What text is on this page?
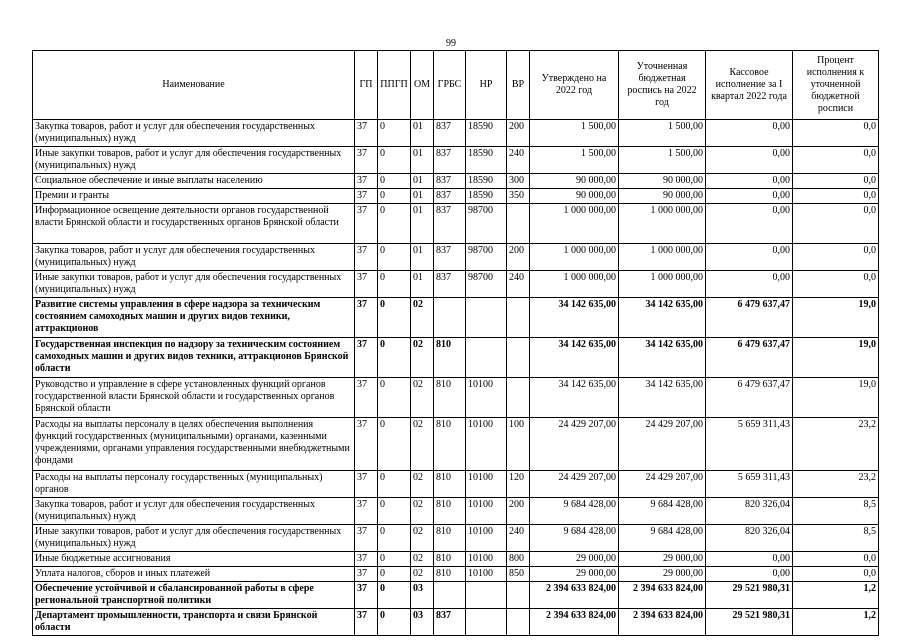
99
Наименование	ГП	ППГП	ОМ	ГРБС	НР	ВР	Утверждено на 2022 год	Уточненная бюджетная роспись на 2022 год	Кассовое исполнение за I квартал 2022 года	Процент исполнения к уточненной бюджетной росписи
Закупка товаров, работ и услуг для обеспечения государственных (муниципальных) нужд	37	0	01	837	18590	200	1 500,00	1 500,00	0,00	0,0
Иные закупки товаров, работ и услуг для обеспечения государственных (муниципальных) нужд	37	0	01	837	18590	240	1 500,00	1 500,00	0,00	0,0
Социальное обеспечение и иные выплаты населению	37	0	01	837	18590	300	90 000,00	90 000,00	0,00	0,0
Премии и гранты	37	0	01	837	18590	350	90 000,00	90 000,00	0,00	0,0
Информационное освещение деятельности органов государственной власти Брянской области и государственных органов Брянской области	37	0	01	837	98700		1 000 000,00	1 000 000,00	0,00	0,0
Закупка товаров, работ и услуг для обеспечения государственных (муниципальных) нужд	37	0	01	837	98700	200	1 000 000,00	1 000 000,00	0,00	0,0
Иные закупки товаров, работ и услуг для обеспечения государственных (муниципальных) нужд	37	0	01	837	98700	240	1 000 000,00	1 000 000,00	0,00	0,0
Развитие системы управления в сфере надзора за техническим состоянием самоходных машин и других видов техники, аттракционов	37	0	02				34 142 635,00	34 142 635,00	6 479 637,47	19,0
Государственная инспекция по надзору за техническим состоянием самоходных машин и других видов техники, аттракционов Брянской области	37	0	02	810			34 142 635,00	34 142 635,00	6 479 637,47	19,0
Руководство и управление в сфере установленных функций органов государственной власти Брянской области и государственных органов Брянской области	37	0	02	810	10100		34 142 635,00	34 142 635,00	6 479 637,47	19,0
Расходы на выплаты персоналу в целях обеспечения выполнения функций государственных (муниципальными) органами, казенными учреждениями, органами управления государственными внебюджетными фондами	37	0	02	810	10100	100	24 429 207,00	24 429 207,00	5 659 311,43	23,2
Расходы на выплаты персоналу государственных (муниципальных) органов	37	0	02	810	10100	120	24 429 207,00	24 429 207,00	5 659 311,43	23,2
Закупка товаров, работ и услуг для обеспечения государственных (муниципальных) нужд	37	0	02	810	10100	200	9 684 428,00	9 684 428,00	820 326,04	8,5
Иные закупки товаров, работ и услуг для обеспечения государственных (муниципальных) нужд	37	0	02	810	10100	240	9 684 428,00	9 684 428,00	820 326,04	8,5
Иные бюджетные ассигнования	37	0	02	810	10100	800	29 000,00	29 000,00	0,00	0,0
Уплата налогов, сборов и иных платежей	37	0	02	810	10100	850	29 000,00	29 000,00	0,00	0,0
Обеспечение устойчивой и сбалансированной работы в сфере региональной транспортной политики	37	0	03				2 394 633 824,00	2 394 633 824,00	29 521 980,31	1,2
Департамент промышленности, транспорта и связи Брянской области	37	0	03	837			2 394 633 824,00	2 394 633 824,00	29 521 980,31	1,2
